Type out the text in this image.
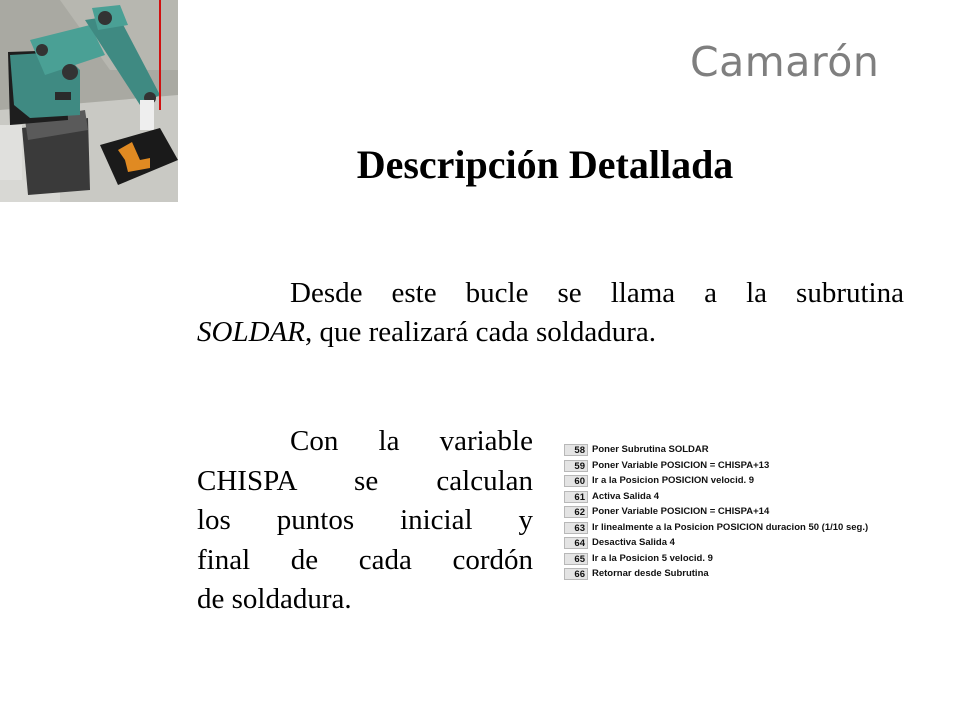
Camarón
Descripción Detallada

Desde este bucle se llama a la subrutina
SOLDAR, que realizará cada soldadura.

Con la variable
CHISPA se calculan
los puntos inicial y
final de cada cordón
de soldadura.

58 Poner Subrutina SOLDAR
59 Poner Variable POSICION = CHISPA+13
60 Ir a la Posicion POSICION velocid. 9
61 Activa Salida 4
62 Poner Variable POSICION = CHISPA+14
63 Ir linealmente a la Posicion POSICION duracion 50 (1/10 seg.)
64 Desactiva Salida 4
65 Ir a la Posicion 5 velocid. 9
66 Retornar desde Subrutina
